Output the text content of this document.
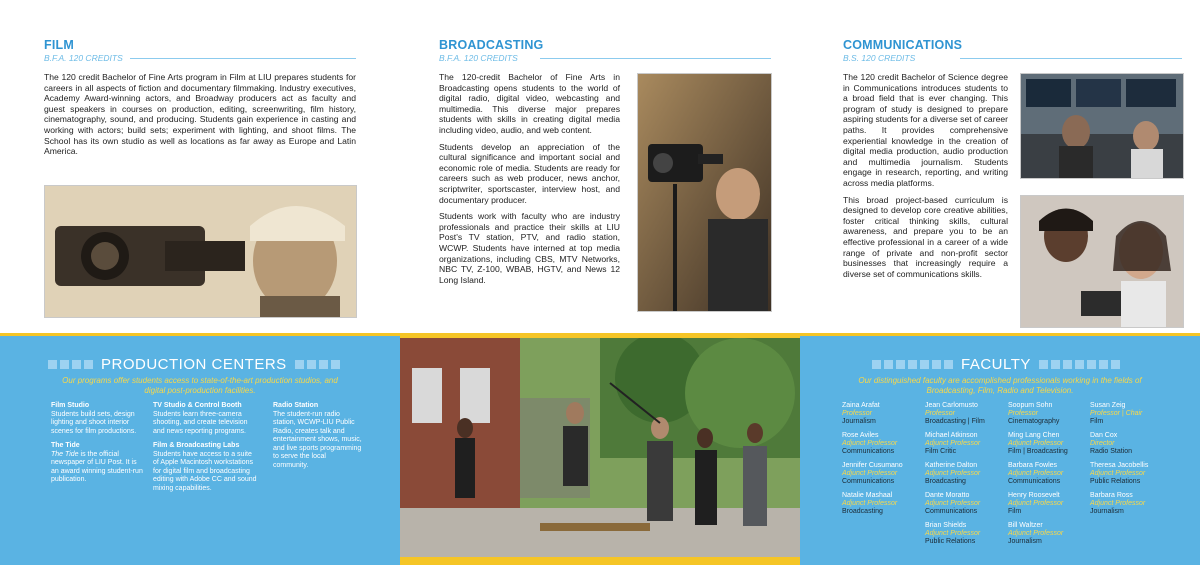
FILM
B.F.A. 120 CREDITS

The 120 credit Bachelor of Fine Arts program in Film at LIU prepares students for careers in all aspects of fiction and documentary filmmaking. Industry executives, Academy Award-winning actors, and Broadway producers act as faculty and guest speakers in courses on production, editing, screenwriting, film history, cinematography, sound, and producing. Students gain experience in casting and working with actors; build sets; experiment with lighting, and shoot films. The School has its own studio as well as locations as far away as Europe and Latin America.

BROADCASTING
B.F.A. 120 CREDITS

The 120-credit Bachelor of Fine Arts in Broadcasting opens students to the world of digital radio, digital video, webcasting and multimedia. This diverse major prepares students with skills in creating digital media including video, audio, and web content.

Students develop an appreciation of the cultural significance and important social and economic role of media. Students are ready for careers such as web producer, news anchor, scriptwriter, sportscaster, interview host, and documentary producer.

Students work with faculty who are industry professionals and practice their skills at LIU Post's TV station, PTV, and radio station, WCWP. Students have interned at top media organizations, including CBS, MTV Networks, NBC TV, Z-100, WBAB, HGTV, and News 12 Long Island.

COMMUNICATIONS
B.S. 120 CREDITS

The 120 credit Bachelor of Science degree in Communications introduces students to a broad field that is ever changing. This program of study is designed to prepare aspiring students for a diverse set of career paths. It provides comprehensive experiential knowledge in the creation of digital media production, audio production and multimedia journalism. Students engage in research, reporting, and writing across media platforms.

This broad project-based curriculum is designed to develop core creative abilities, foster critical thinking skills, cultural awareness, and prepare you to be an effective professional in a career of a wide range of private and non-profit sector businesses that increasingly require a diverse set of communications skills.

PRODUCTION CENTERS
Our programs offer students access to state-of-the-art production studios, and digital post-production facilities.
Film Studio
Students build sets, design lighting and shoot interior scenes for film productions.
The Tide
The Tide is the official newspaper of LIU Post. It is an award winning student-run publication.
TV Studio & Control Booth
Students learn three-camera shooting, and create television and news reporting programs.
Film & Broadcasting Labs
Students have access to a suite of Apple Macintosh workstations for digital film and broadcasting editing with Adobe CC and sound mixing capabilities.
Radio Station
The student-run radio station, WCWP-LIU Public Radio, creates talk and entertainment shows, music, and live sports programming to serve the local community.
FACULTY
Our distinguished faculty are accomplished professionals working in the fields of Broadcasting, Film, Radio and Television.
Zaina Arafat
Professor
Journalism
Rose Aviles
Adjunct Professor
Communications
Jennifer Cusumano
Adjunct Professor
Communications
Natalie Mashaal
Adjunct Professor
Broadcasting
Jean Carlomusto
Professor
Broadcasting | Film
Michael Atkinson
Adjunct Professor
Film Critic
Katherine Dalton
Adjunct Professor
Broadcasting
Dante Moratto
Adjunct Professor
Communications
Brian Shields
Adjunct Professor
Public Relations
Soopum Sohn
Professor
Cinematography
Ming Lang Chen
Adjunct Professor
Film | Broadcasting
Barbara Fowles
Adjunct Professor
Communications
Henry Roosevelt
Adjunct Professor
Film
Bill Waltzer
Adjunct Professor
Journalism
Susan Zeig
Professor | Chair
Film
Dan Cox
Director
Radio Station
Theresa Jacobellis
Adjunct Professor
Public Relations
Barbara Ross
Adjunct Professor
Journalism
